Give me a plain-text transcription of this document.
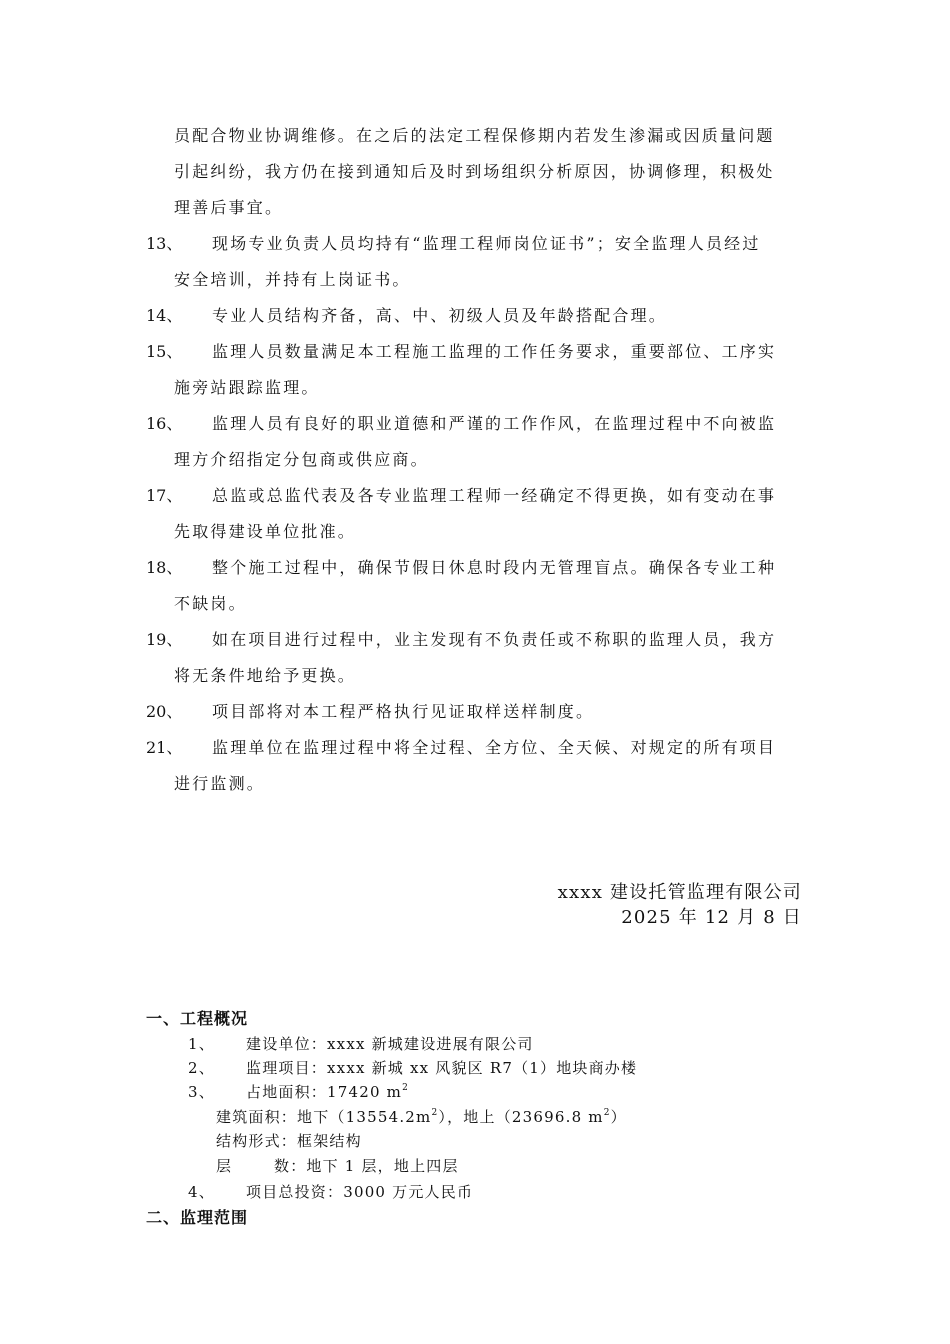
员配合物业协调维修。在之后的法定工程保修期内若发生渗漏或因质量问题
引起纠纷，我方仍在接到通知后及时到场组织分析原因，协调修理，积极处
理善后事宜。
13、 现场专业负责人员均持有“监理工程师岗位证书”；安全监理人员经过
安全培训，并持有上岗证书。
14、 专业人员结构齐备，高、中、初级人员及年龄搭配合理。
15、 监理人员数量满足本工程施工监理的工作任务要求，重要部位、工序实
施旁站跟踪监理。
16、 监理人员有良好的职业道德和严谨的工作作风，在监理过程中不向被监
理方介绍指定分包商或供应商。
17、 总监或总监代表及各专业监理工程师一经确定不得更换，如有变动在事
先取得建设单位批准。
18、 整个施工过程中，确保节假日休息时段内无管理盲点。确保各专业工种
不缺岗。
19、 如在项目进行过程中，业主发现有不负责任或不称职的监理人员，我方
将无条件地给予更换。
20、 项目部将对本工程严格执行见证取样送样制度。
21、 监理单位在监理过程中将全过程、全方位、全天候、对规定的所有项目
进行监测。
xxxx 建设托管监理有限公司
2025 年 12 月 8 日
一、工程概况
1、 建设单位：xxxx 新城建设进展有限公司
2、 监理项目：xxxx 新城 xx 风貌区 R7（1）地块商办楼
3、 占地面积：17420 $m^2$
建筑面积：地下$(13554.2m^2)$，地上（23696.8 $m^2$）
结构形式：框架结构
层	数：地下 1 层，地上四层
4、 项目总投资：3000 万元人民币
二、监理范围
